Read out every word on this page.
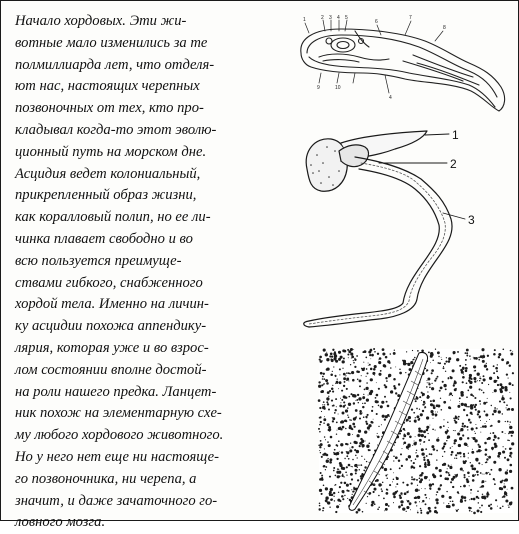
Начало хордовых. Эти жи-
вотные мало изменились за те
полмиллиарда лет, что отделя-
ют нас, настоящих черепных
позвоночных от тех, кто про-
кладывал когда-то этот эволю-
ционный путь на морском дне.
Асцидия ведет колониальный,
прикрепленный образ жизни,
как коралловый полип, но ее ли-
чинка плавает свободно и во
всю пользуется преимуще-
ствами гибкого, снабженного
хордой тела. Именно на личин-
ку асцидии похожа аппендику-
лярия, которая уже и во взрос-
лом состоянии вполне достой-
на роли нашего предка. Ланцет-
ник похож на элементарную схе-
му любого хордового животного.
Но у него нет еще ни настояще-
го позвоночника, ни черепа, а
значит, и даже зачаточного го-
ловного мозга.
1	2 3 4 5
6
7
8
9	10
4
1
2
3
